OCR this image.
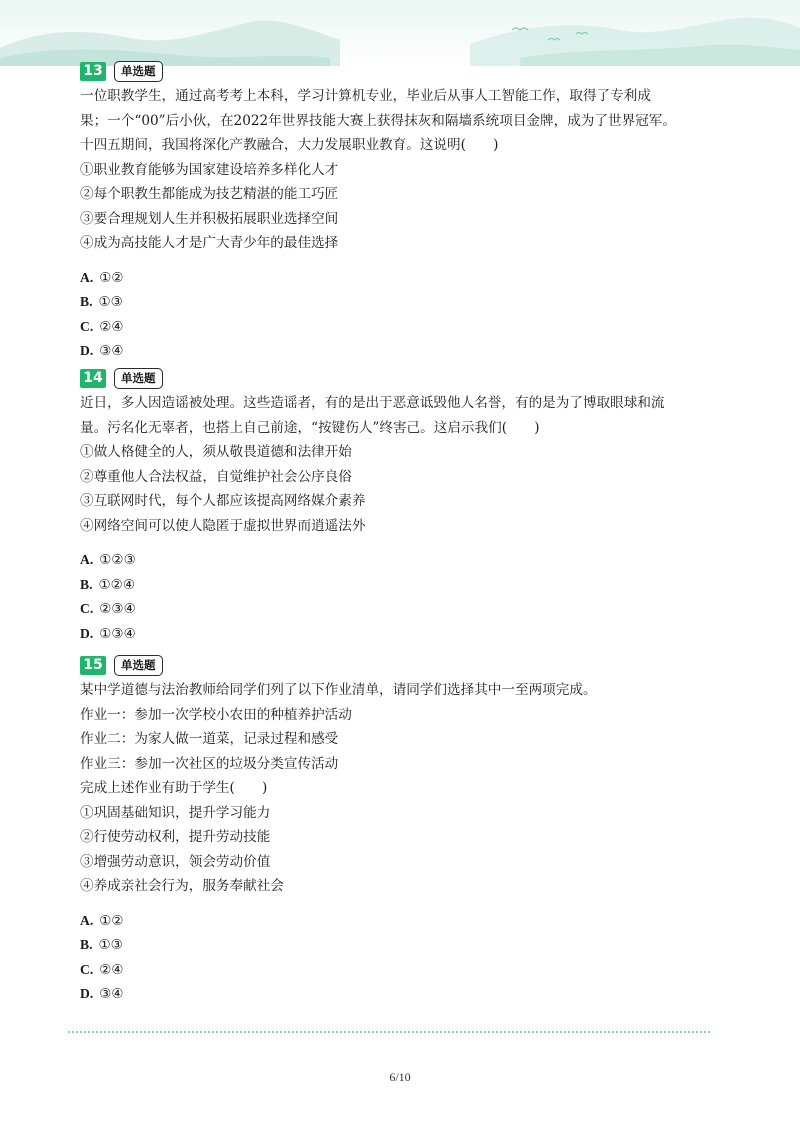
13	单选题

一位职教学生，通过高考考上本科，学习计算机专业，毕业后从事人工智能工作，取得了专利成

果；一个“00”后小伙，在2022年世界技能大赛上获得抹灰和隔墙系统项目金牌，成为了世界冠军。

十四五期间，我国将深化产教融合，大力发展职业教育。这说明(　　)

①职业教育能够为国家建设培养多样化人才

②每个职教生都能成为技艺精湛的能工巧匠

③要合理规划人生并积极拓展职业选择空间

④成为高技能人才是广大青少年的最佳选择

A. ①②
B. ①③
C. ②④
D. ③④
14	单选题

近日，多人因造谣被处理。这些造谣者，有的是出于恶意诋毁他人名誉，有的是为了博取眼球和流

量。污名化无辜者，也搭上自己前途，“按键伤人”终害己。这启示我们(　　)

①做人格健全的人，须从敬畏道德和法律开始

②尊重他人合法权益，自觉维护社会公序良俗

③互联网时代，每个人都应该提高网络媒介素养

④网络空间可以使人隐匿于虚拟世界而逍遥法外

A. ①②③
B. ①②④
C. ②③④
D. ①③④
15	单选题

某中学道德与法治教师给同学们列了以下作业清单，请同学们选择其中一至两项完成。

作业一：参加一次学校小农田的种植养护活动

作业二：为家人做一道菜，记录过程和感受

作业三：参加一次社区的垃圾分类宣传活动

完成上述作业有助于学生(　　)

①巩固基础知识，提升学习能力

②行使劳动权利，提升劳动技能

③增强劳动意识，领会劳动价值

④养成亲社会行为，服务奉献社会

A. ①②
B. ①③
C. ②④
D. ③④
6/10
